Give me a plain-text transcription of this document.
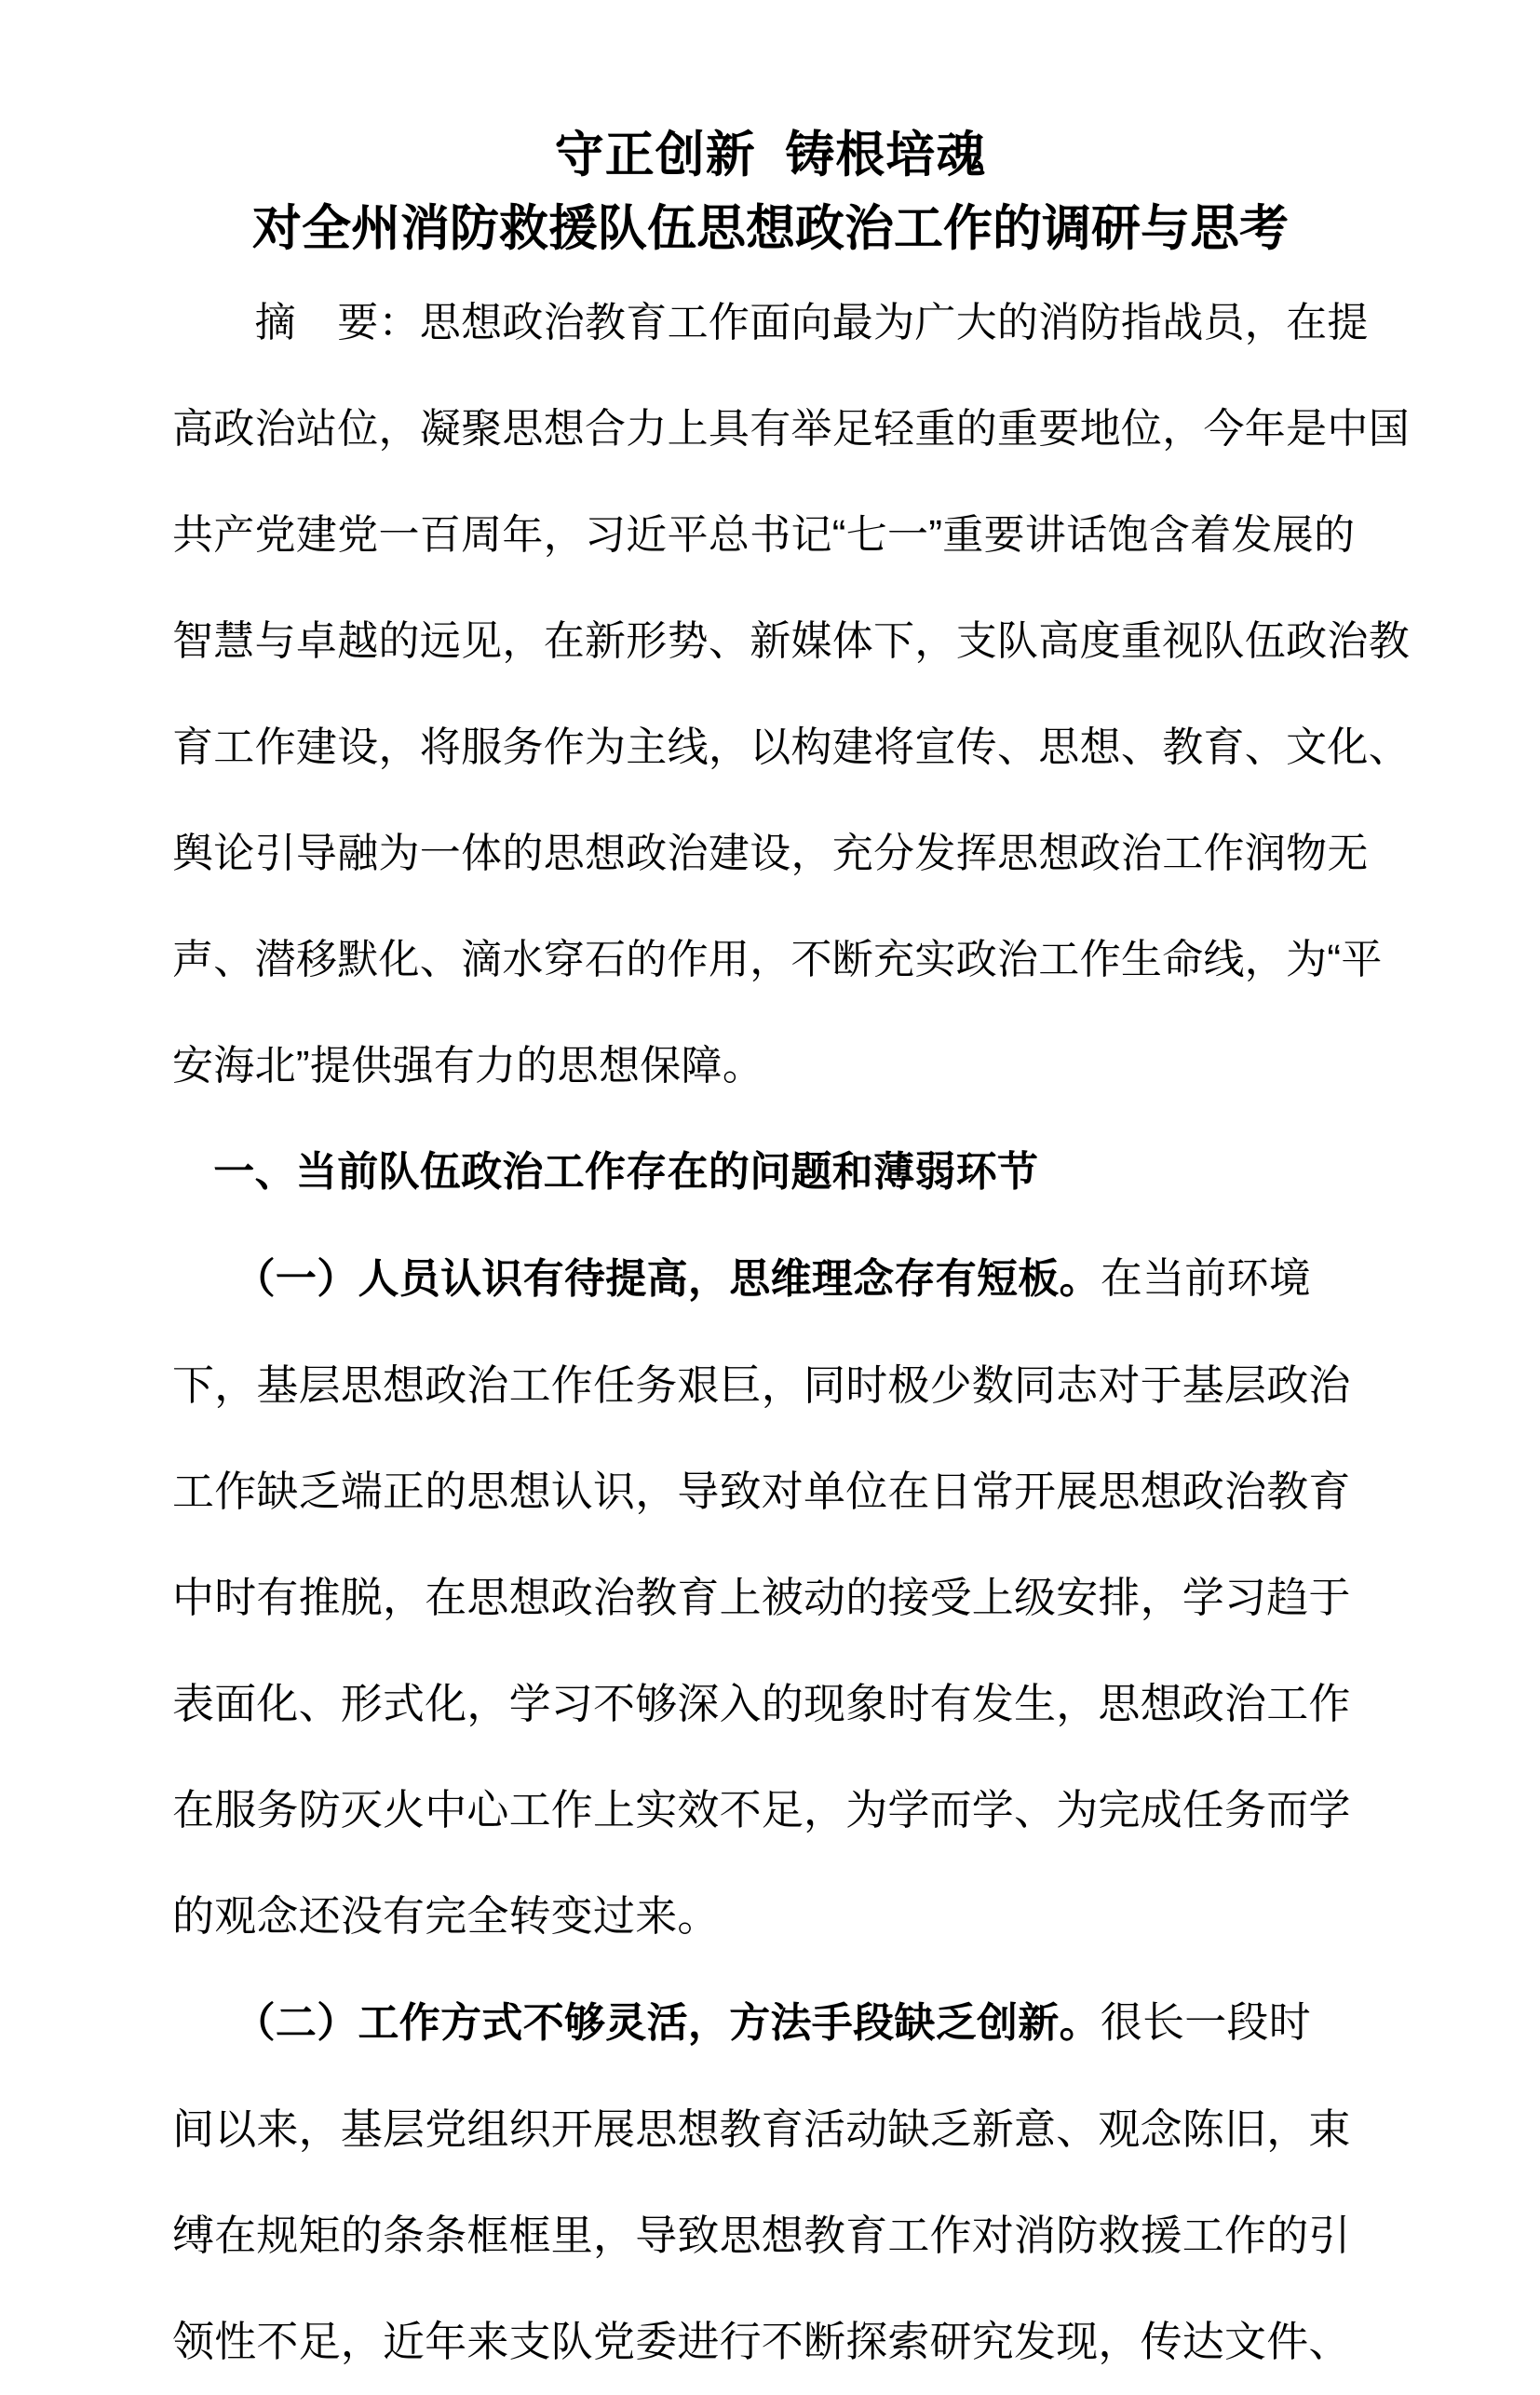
守正创新  铸根培魂
对全州消防救援队伍思想政治工作的调研与思考
　　摘　要：思想政治教育工作面向最为广大的消防指战员，在提
高政治站位，凝聚思想合力上具有举足轻重的重要地位，今年是中国
共产党建党一百周年，习近平总书记“七一”重要讲话饱含着发展的
智慧与卓越的远见，在新形势、新媒体下，支队高度重视队伍政治教
育工作建设，将服务作为主线，以构建将宣传、思想、教育、文化、
舆论引导融为一体的思想政治建设，充分发挥思想政治工作润物无
声、潜移默化、滴水穿石的作用，不断充实政治工作生命线，为“平
安海北”提供强有力的思想保障。
　一、当前队伍政治工作存在的问题和薄弱环节
　　（一）人员认识有待提高，思维理念存有短板。在当前环境
下，基层思想政治工作任务艰巨，同时极少数同志对于基层政治
工作缺乏端正的思想认识，导致对单位在日常开展思想政治教育
中时有推脱，在思想政治教育上被动的接受上级安排，学习趋于
表面化、形式化，学习不够深入的现象时有发生，思想政治工作
在服务防灭火中心工作上实效不足，为学而学、为完成任务而学
的观念还没有完全转变过来。
　　（二）工作方式不够灵活，方法手段缺乏创新。很长一段时
间以来，基层党组织开展思想教育活动缺乏新意、观念陈旧，束
缚在规矩的条条框框里，导致思想教育工作对消防救援工作的引
领性不足，近年来支队党委进行不断探索研究发现，传达文件、
